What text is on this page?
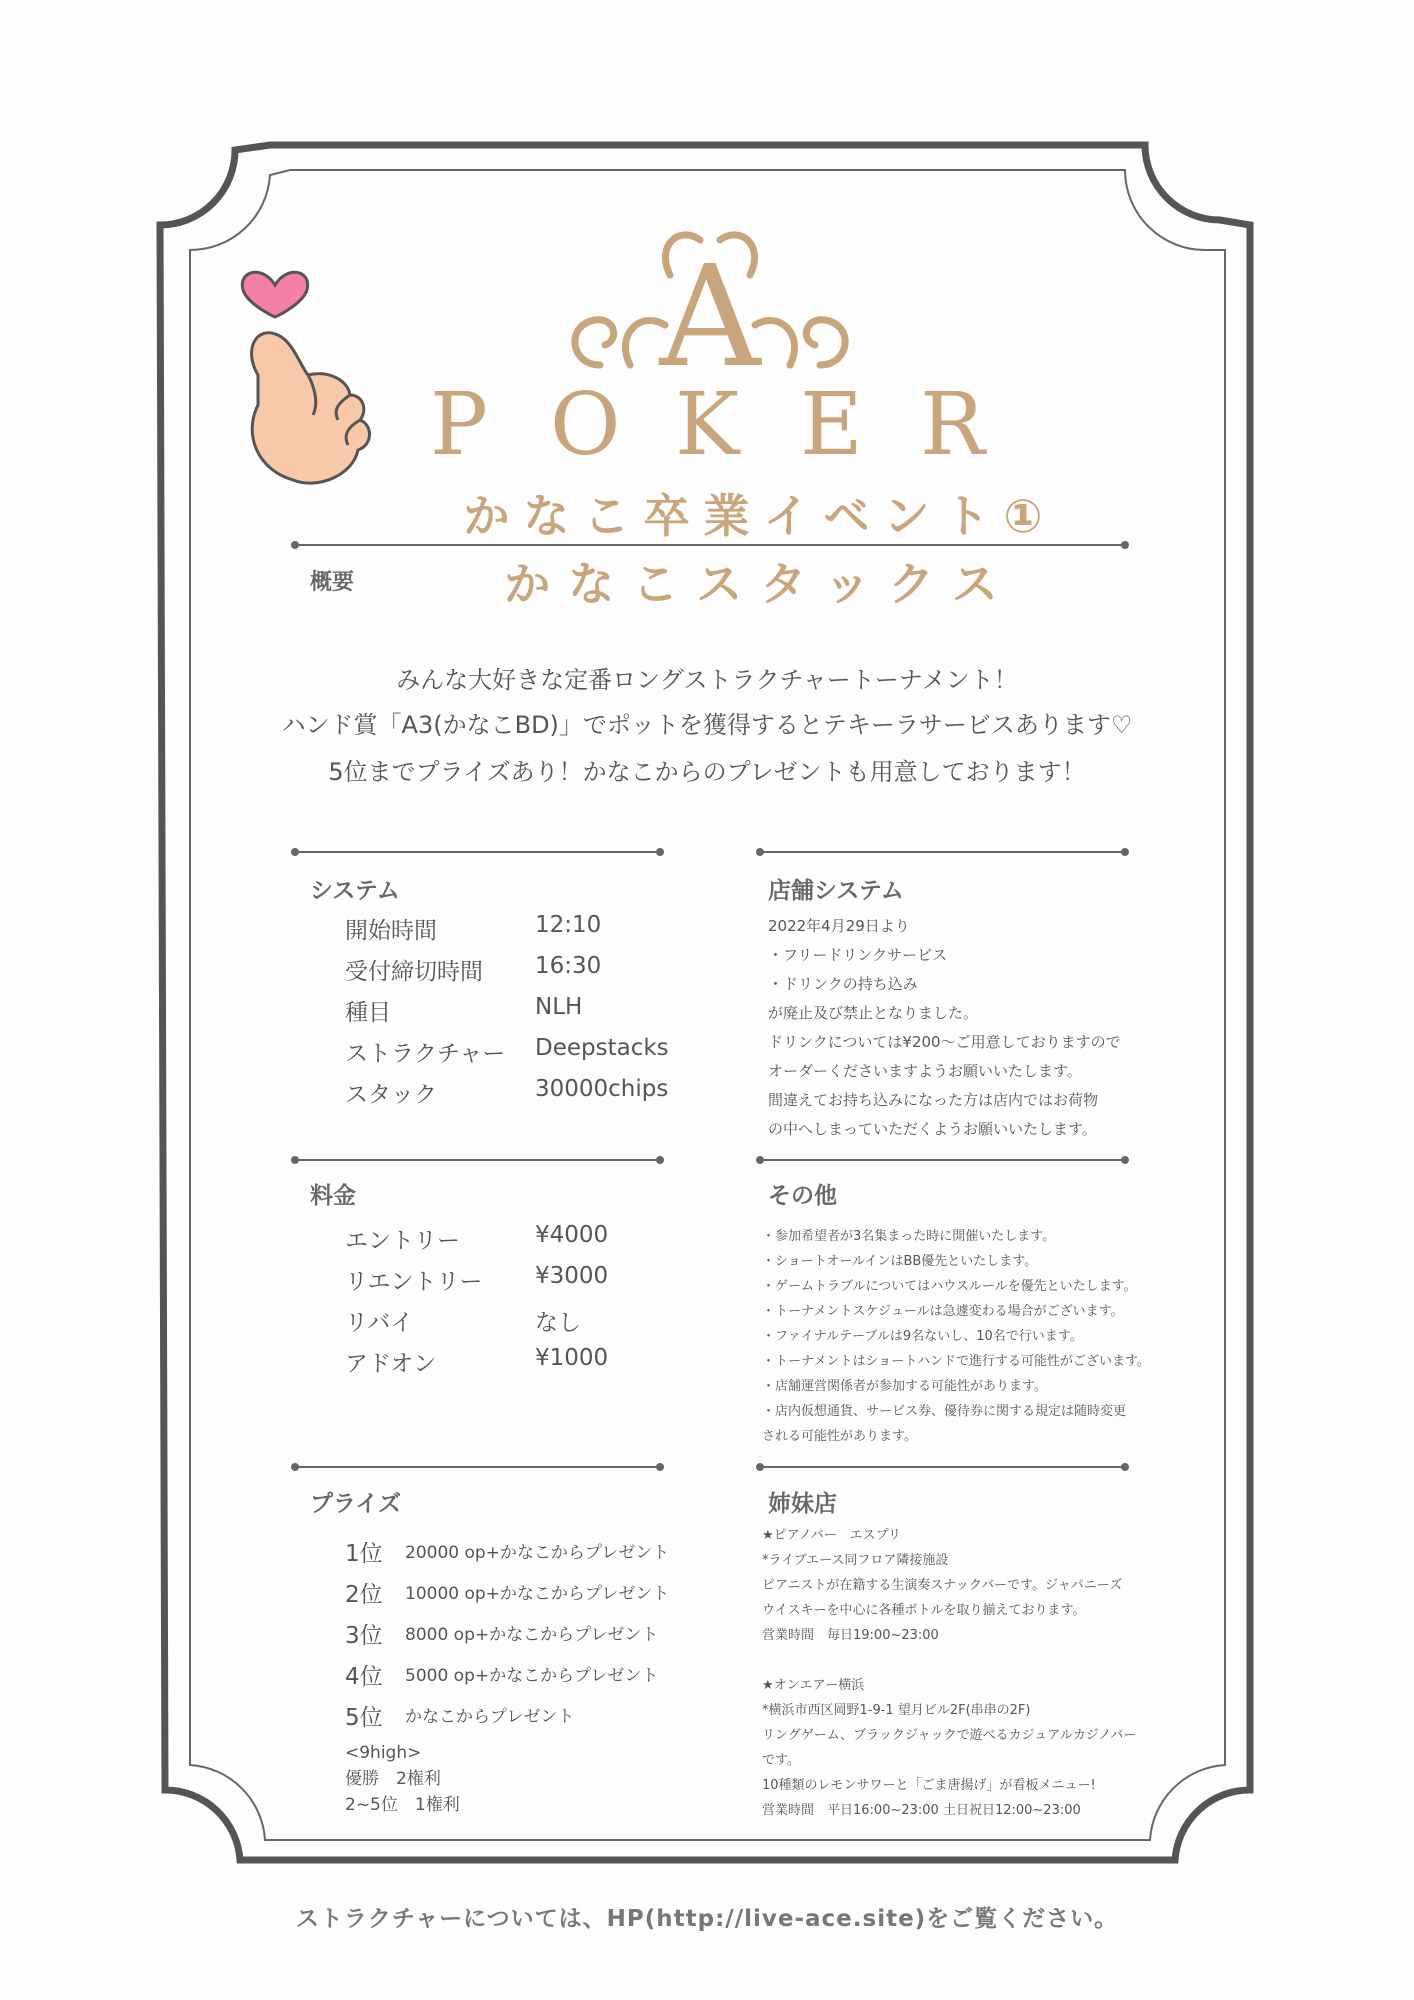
A
P O K E R
かなこ卒業イベント①
かなこスタックス
概要
みんな大好きな定番ロングストラクチャートーナメント！
ハンド賞「A3(かなこBD)」でポットを獲得するとテキーラサービスあります♡
5位までプライズあり！かなこからのプレゼントも用意しております！
システム
開始時間	12:10
受付締切時間 16:30
種目	NLH
ストラクチャー Deepstacks
スタック	30000chips
料金
エントリー	¥4000
リエントリー ¥3000
リバイ	なし
アドオン	¥1000
プライズ
1位 20000 op+かなこからプレゼント
2位 10000 op+かなこからプレゼント
3位 8000 op+かなこからプレゼント
4位 5000 op+かなこからプレゼント
5位 かなこからプレゼント
<9high>
優勝　2権利
2~5位　1権利
店舗システム
2022年4月29日より
・フリードリンクサービス
・ドリンクの持ち込み
が廃止及び禁止となりました。
ドリンクについては¥200〜ご用意しておりますので
オーダーくださいますようお願いいたします。
間違えてお持ち込みになった方は店内ではお荷物
の中へしまっていただくようお願いいたします。
その他
・参加希望者が3名集まった時に開催いたします。
・ショートオールインはBB優先といたします。
・ゲームトラブルについてはハウスルールを優先といたします。
・トーナメントスケジュールは急遽変わる場合がございます。
・ファイナルテーブルは9名ないし、10名で行います。
・トーナメントはショートハンドで進行する可能性がございます。
・店舗運営関係者が参加する可能性があります。
・店内仮想通貨、サービス券、優待券に関する規定は随時変更
される可能性があります。
姉妹店
★ピアノバー　エスプリ
*ライブエース同フロア隣接施設
ピアニストが在籍する生演奏スナックバーです。ジャパニーズ
ウイスキーを中心に各種ボトルを取り揃えております。
営業時間　毎日19:00~23:00
★オンエアー横浜
*横浜市西区岡野1-9-1 望月ビル2F(串串の2F)
リングゲーム、ブラックジャックで遊べるカジュアルカジノバー
です。
10種類のレモンサワーと「ごま唐揚げ」が看板メニュー!
営業時間　平日16:00~23:00 土日祝日12:00~23:00
ストラクチャーについては、HP(http://live-ace.site)をご覧ください。
